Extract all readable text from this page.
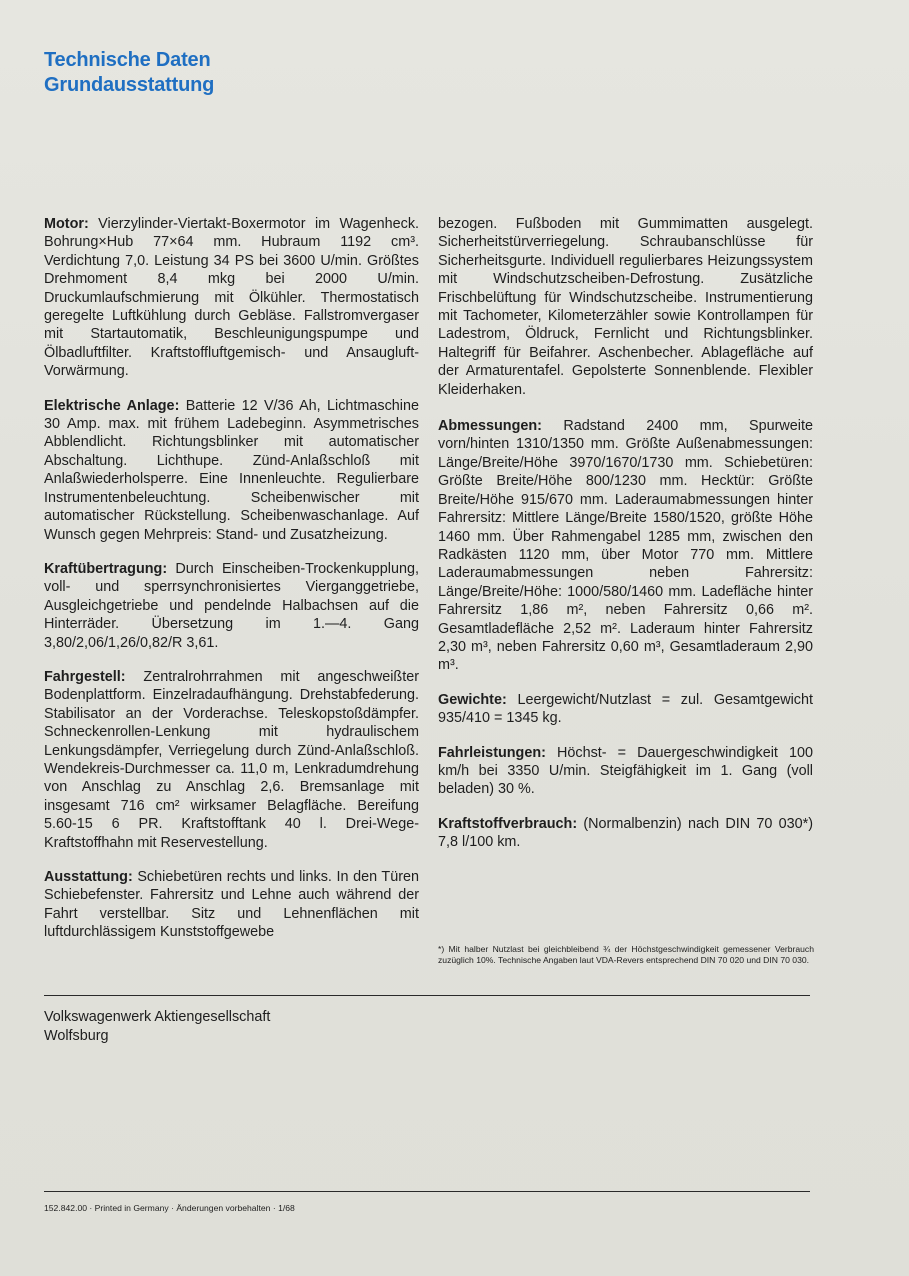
Technische Daten
Grundausstattung

Motor: Vierzylinder-Viertakt-Boxermotor im Wagenheck. Bohrung×Hub 77×64 mm. Hubraum 1192 cm³. Verdichtung 7,0. Leistung 34 PS bei 3600 U/min. Größtes Drehmoment 8,4 mkg bei 2000 U/min. Druckumlaufschmierung mit Ölkühler. Thermostatisch geregelte Luftkühlung durch Gebläse. Fallstromvergaser mit Startautomatik, Beschleunigungspumpe und Ölbadluftfilter. Kraftstoffluftgemisch- und Ansaugluft-Vorwärmung.

Elektrische Anlage: Batterie 12 V/36 Ah, Lichtmaschine 30 Amp. max. mit frühem Ladebeginn. Asymmetrisches Abblendlicht. Richtungsblinker mit automatischer Abschaltung. Lichthupe. Zünd-Anlaßschloß mit Anlaßwiederholsperre. Eine Innenleuchte. Regulierbare Instrumentenbeleuchtung. Scheibenwischer mit automatischer Rückstellung. Scheibenwaschanlage. Auf Wunsch gegen Mehrpreis: Stand- und Zusatzheizung.

Kraftübertragung: Durch Einscheiben-Trockenkupplung, voll- und sperrsynchronisiertes Vierganggetriebe, Ausgleichgetriebe und pendelnde Halbachsen auf die Hinterräder. Übersetzung im 1.—4. Gang 3,80/2,06/1,26/0,82/R 3,61.

Fahrgestell: Zentralrohrrahmen mit angeschweißter Bodenplattform. Einzelradaufhängung. Drehstabfederung. Stabilisator an der Vorderachse. Teleskopstoßdämpfer. Schneckenrollen-Lenkung mit hydraulischem Lenkungsdämpfer, Verriegelung durch Zünd-Anlaßschloß. Wendekreis-Durchmesser ca. 11,0 m, Lenkradumdrehung von Anschlag zu Anschlag 2,6. Bremsanlage mit insgesamt 716 cm² wirksamer Belagfläche. Bereifung 5.60-15 6 PR. Kraftstofftank 40 l. Drei-Wege-Kraftstoffhahn mit Reservestellung.

Ausstattung: Schiebetüren rechts und links. In den Türen Schiebefenster. Fahrersitz und Lehne auch während der Fahrt verstellbar. Sitz und Lehnenflächen mit luftdurchlässigem Kunststoffgewebe

bezogen. Fußboden mit Gummimatten ausgelegt. Sicherheitstürverriegelung. Schraubanschlüsse für Sicherheitsgurte. Individuell regulierbares Heizungssystem mit Windschutzscheiben-Defrostung. Zusätzliche Frischbelüftung für Windschutzscheibe. Instrumentierung mit Tachometer, Kilometerzähler sowie Kontrollampen für Ladestrom, Öldruck, Fernlicht und Richtungsblinker. Haltegriff für Beifahrer. Aschenbecher. Ablagefläche auf der Armaturentafel. Gepolsterte Sonnenblende. Flexibler Kleiderhaken.

Abmessungen: Radstand 2400 mm, Spurweite vorn/hinten 1310/1350 mm. Größte Außenabmessungen: Länge/Breite/Höhe 3970/1670/1730 mm. Schiebetüren: Größte Breite/Höhe 800/1230 mm. Hecktür: Größte Breite/Höhe 915/670 mm. Laderaumabmessungen hinter Fahrersitz: Mittlere Länge/Breite 1580/1520, größte Höhe 1460 mm. Über Rahmengabel 1285 mm, zwischen den Radkästen 1120 mm, über Motor 770 mm. Mittlere Laderaumabmessungen neben Fahrersitz: Länge/Breite/Höhe: 1000/580/1460 mm. Ladefläche hinter Fahrersitz 1,86 m², neben Fahrersitz 0,66 m². Gesamtladefläche 2,52 m². Laderaum hinter Fahrersitz 2,30 m³, neben Fahrersitz 0,60 m³, Gesamtladeraum 2,90 m³.

Gewichte: Leergewicht/Nutzlast = zul. Gesamtgewicht 935/410 = 1345 kg.

Fahrleistungen: Höchst- = Dauergeschwindigkeit 100 km/h bei 3350 U/min. Steigfähigkeit im 1. Gang (voll beladen) 30 %.

Kraftstoffverbrauch: (Normalbenzin) nach DIN 70 030*) 7,8 l/100 km.

*) Mit halber Nutzlast bei gleichbleibend ¾ der Höchstgeschwindigkeit gemessener Verbrauch zuzüglich 10%. Technische Angaben laut VDA-Revers entsprechend DIN 70 020 und DIN 70 030.
Volkswagenwerk Aktiengesellschaft
Wolfsburg
152.842.00 · Printed in Germany · Änderungen vorbehalten · 1/68
